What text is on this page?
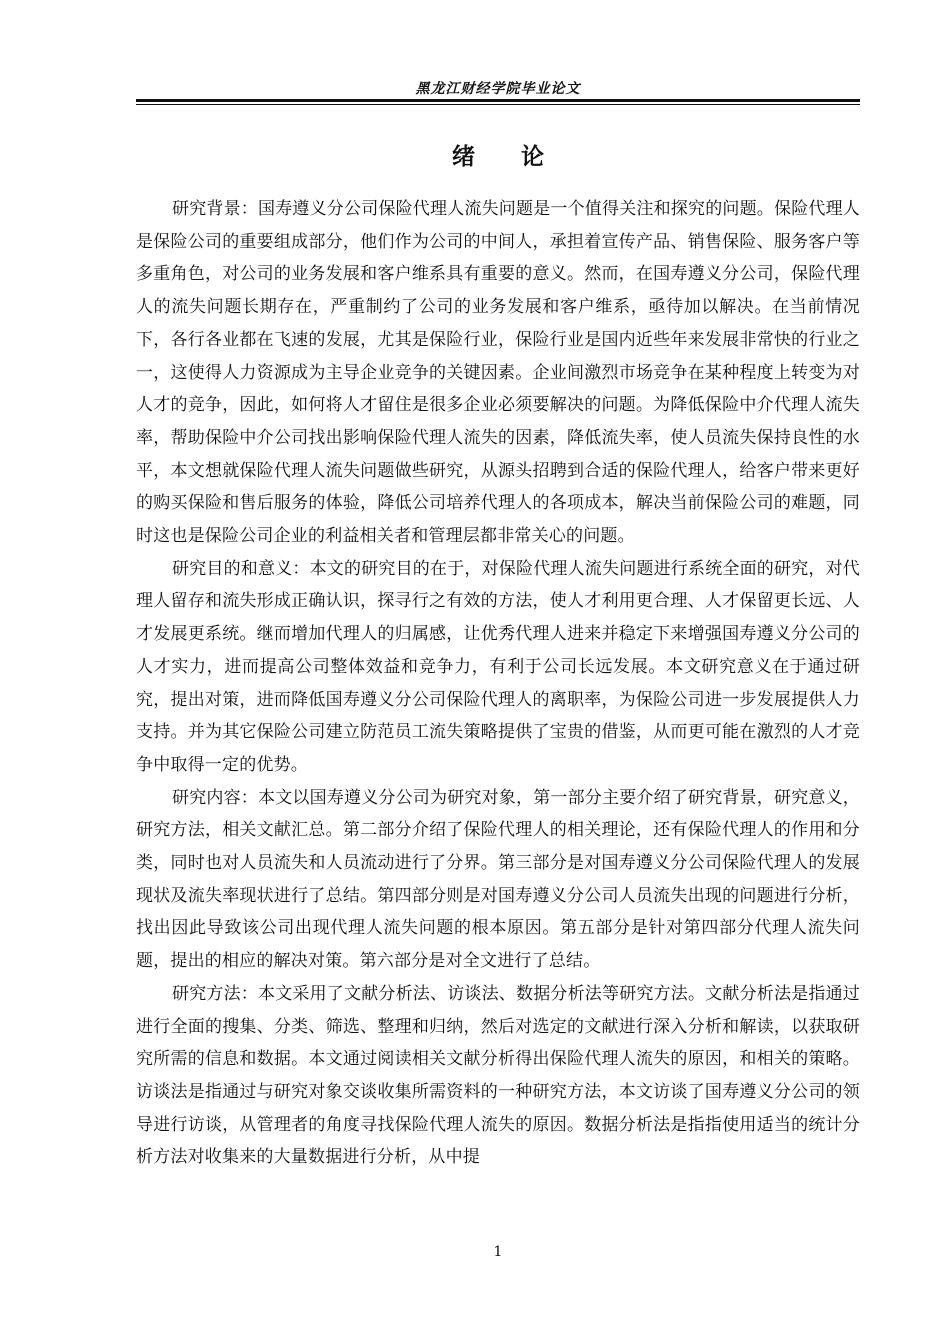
黑龙江财经学院毕业论文
绪论

研究背景：国寿遵义分公司保险代理人流失问题是一个值得关注和探究的问题。保险代理人是保险公司的重要组成部分，他们作为公司的中间人，承担着宣传产品、销售保险、服务客户等多重角色，对公司的业务发展和客户维系具有重要的意义。然而，在国寿遵义分公司，保险代理人的流失问题长期存在，严重制约了公司的业务发展和客户维系，亟待加以解决。在当前情况下，各行各业都在飞速的发展，尤其是保险行业，保险行业是国内近些年来发展非常快的行业之一，这使得人力资源成为主导企业竞争的关键因素。企业间激烈市场竞争在某种程度上转变为对人才的竞争，因此，如何将人才留住是很多企业必须要解决的问题。为降低保险中介代理人流失率，帮助保险中介公司找出影响保险代理人流失的因素，降低流失率，使人员流失保持良性的水平，本文想就保险代理人流失问题做些研究，从源头招聘到合适的保险代理人，给客户带来更好的购买保险和售后服务的体验，降低公司培养代理人的各项成本，解决当前保险公司的难题，同时这也是保险公司企业的利益相关者和管理层都非常关心的问题。

研究目的和意义：本文的研究目的在于，对保险代理人流失问题进行系统全面的研究，对代理人留存和流失形成正确认识，探寻行之有效的方法，使人才利用更合理、人才保留更长远、人才发展更系统。继而增加代理人的归属感，让优秀代理人进来并稳定下来增强国寿遵义分公司的人才实力，进而提高公司整体效益和竞争力，有利于公司长远发展。本文研究意义在于通过研究，提出对策，进而降低国寿遵义分公司保险代理人的离职率，为保险公司进一步发展提供人力支持。并为其它保险公司建立防范员工流失策略提供了宝贵的借鉴，从而更可能在激烈的人才竞争中取得一定的优势。

研究内容：本文以国寿遵义分公司为研究对象，第一部分主要介绍了研究背景，研究意义，研究方法，相关文献汇总。第二部分介绍了保险代理人的相关理论，还有保险代理人的作用和分类，同时也对人员流失和人员流动进行了分界。第三部分是对国寿遵义分公司保险代理人的发展现状及流失率现状进行了总结。第四部分则是对国寿遵义分公司人员流失出现的问题进行分析，找出因此导致该公司出现代理人流失问题的根本原因。第五部分是针对第四部分代理人流失问题，提出的相应的解决对策。第六部分是对全文进行了总结。

研究方法：本文采用了文献分析法、访谈法、数据分析法等研究方法。文献分析法是指通过进行全面的搜集、分类、筛选、整理和归纳，然后对选定的文献进行深入分析和解读，以获取研究所需的信息和数据。本文通过阅读相关文献分析得出保险代理人流失的原因，和相关的策略。访谈法是指通过与研究对象交谈收集所需资料的一种研究方法，本文访谈了国寿遵义分公司的领导进行访谈，从管理者的角度寻找保险代理人流失的原因。数据分析法是指指使用适当的统计分析方法对收集来的大量数据进行分析，从中提

1
